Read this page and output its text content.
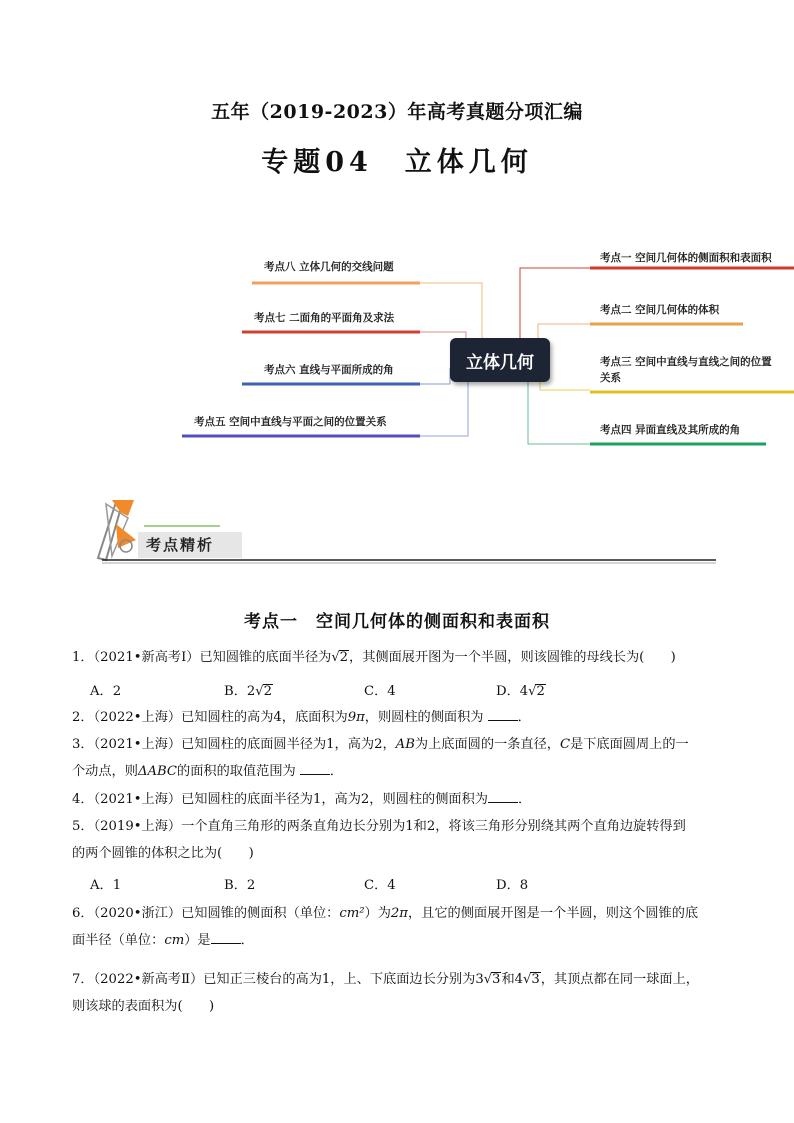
五年（2019-2023）年高考真题分项汇编
专题04　立体几何
考点八 立体几何的交线问题
考点七 二面角的平面角及求法
考点六 直线与平面所成的角
考点五 空间中直线与平面之间的位置关系
立体几何
考点一 空间几何体的侧面积和表面积
考点二 空间几何体的体积
考点三 空间中直线与直线之间的位置
关系
考点四 异面直线及其所成的角
考点精析
考点一　空间几何体的侧面积和表面积
1．（2021•新高考Ⅰ）已知圆锥的底面半径为√2，其侧面展开图为一个半圆，则该圆锥的母线长为(　　)
A．2	B．2√2	C．4	D．4√2
2．（2022•上海）已知圆柱的高为4，底面积为9π，则圆柱的侧面积为	．
3．（2021•上海）已知圆柱的底面圆半径为1，高为2，AB为上底面圆的一条直径，C是下底面圆周上的一
个动点，则ΔABC的面积的取值范围为	．
4．（2021•上海）已知圆柱的底面半径为1，高为2，则圆柱的侧面积为 ．
5．（2019•上海）一个直角三角形的两条直角边长分别为1和2，将该三角形分别绕其两个直角边旋转得到
的两个圆锥的体积之比为(　　)
A．1	B．2	C．4	D．8
6．（2020•浙江）已知圆锥的侧面积（单位：cm²）为2π，且它的侧面展开图是一个半圆，则这个圆锥的底
面半径（单位：cm）是 ．
7．（2022•新高考Ⅱ）已知正三棱台的高为1，上、下底面边长分别为3√3和4√3，其顶点都在同一球面上，
则该球的表面积为(　　)
